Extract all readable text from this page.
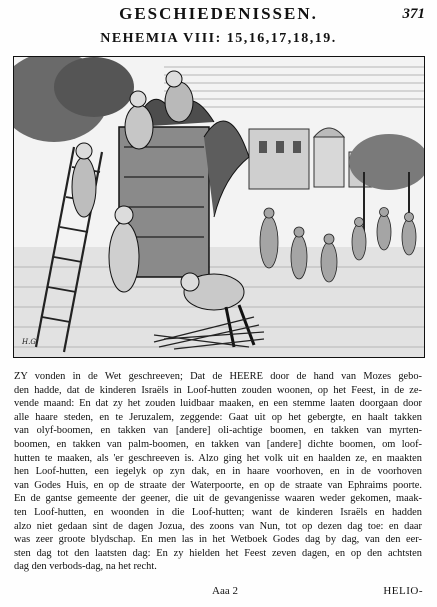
GESCHIEDENISSEN.	371
NEHEMIA VIII: 15,16,17,18,19.
H.G.
ZY vonden in de Wet geschreeven; Dat de HEERE door de hand van Mozes gebo-
den hadde, dat de kinderen Israëls in Loof-hutten zouden woonen, op het Feest, in de ze-
vende maand: En dat zy het zouden luidbaar maaken, en een stemme laaten doorgaan door
alle haare steden, en te Jeruzalem, zeggende: Gaat uit op het gebergte, en haalt takken
van olyf-boomen, en takken van [andere] oli-achtige boomen, en takken van myrten-
boomen, en takken van palm-boomen, en takken van [andere] dichte boomen, om loof-
hutten te maaken, als 'er geschreeven is. Alzo ging het volk uit en haalden ze, en maakten
hen Loof-hutten, een iegelyk op zyn dak, en in haare voorhoven, en in de voorhoven
van Godes Huis, en op de straate der Waterpoorte, en op de straate van Ephraims poorte.
En de gantse gemeente der geener, die uit de gevangenisse waaren weder gekomen, maak-
ten Loof-hutten, en woonden in die Loof-hutten; want de kinderen Israëls en hadden
alzo niet gedaan sint de dagen Jozua, des zoons van Nun, tot op dezen dag toe: en daar
was zeer groote blydschap. En men las in het Wetboek Godes dag by dag, van den eer-
sten dag tot den laatsten dag: En zy hielden het Feest zeven dagen, en op den achtsten
dag den verbods-dag, na het recht.
Aaa 2	HELIO-
